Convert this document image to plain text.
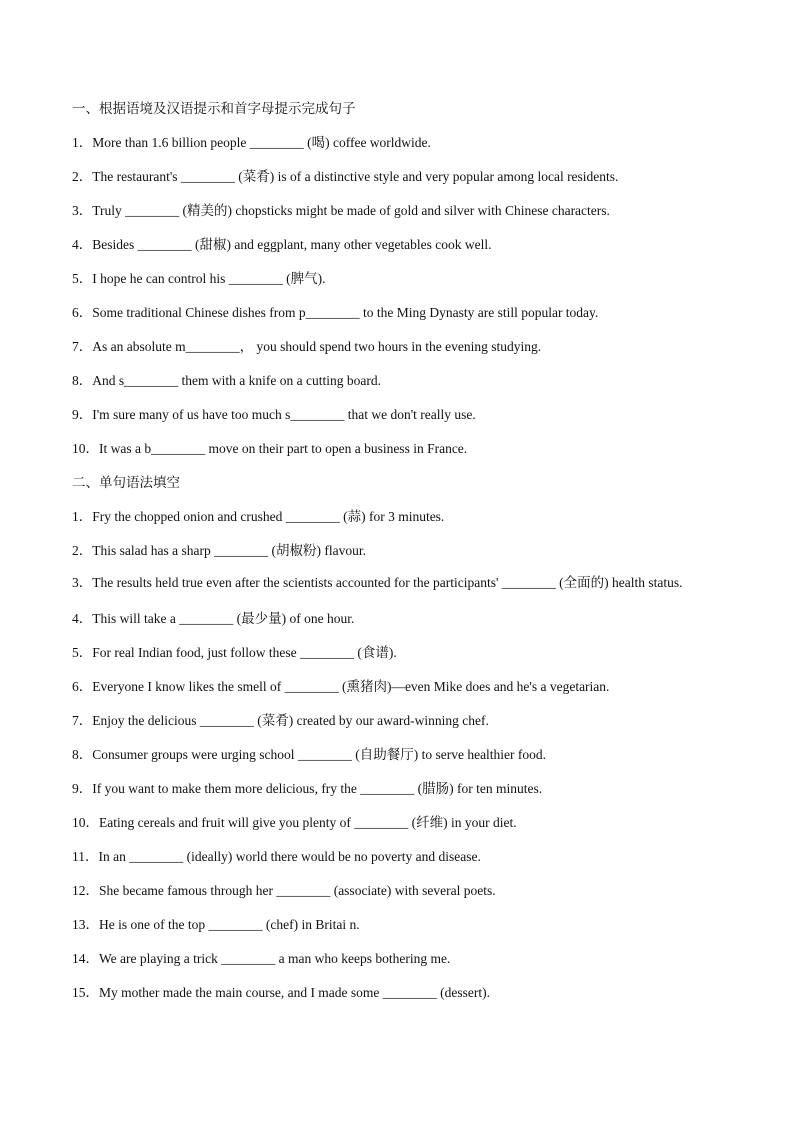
一、根据语境及汉语提示和首字母提示完成句子
1．More than 1.6 billion people ________ (喝) coffee worldwide.
2．The restaurant's ________ (菜肴) is of a distinctive style and very popular among local residents.
3．Truly ________ (精美的) chopsticks might be made of gold and silver with Chinese characters.
4．Besides ________ (甜椒) and eggplant, many other vegetables cook well.
5．I hope he can control his ________ (脾气).
6．Some traditional Chinese dishes from p________ to the Ming Dynasty are still popular today.
7．As an absolute m________， you should spend two hours in the evening studying.
8．And s________ them with a knife on a cutting board.
9．I'm sure many of us have too much s________ that we don't really use.
10．It was a b________ move on their part to open a business in France.
二、单句语法填空
1．Fry the chopped onion and crushed ________ (蒜) for 3 minutes.
2．This salad has a sharp ________ (胡椒粉) flavour.
3．The results held true even after the scientists accounted for the participants' ________ (全面的) health status.
4．This will take a ________ (最少量) of one hour.
5．For real Indian food, just follow these ________ (食谱).
6．Everyone I know likes the smell of ________ (熏猪肉)—even Mike does and he's a vegetarian.
7．Enjoy the delicious ________ (菜肴) created by our award-winning chef.
8．Consumer groups were urging school ________ (自助餐厅) to serve healthier food.
9．If you want to make them more delicious, fry the ________ (腊肠) for ten minutes.
10．Eating cereals and fruit will give you plenty of ________ (纤维) in your diet.
11．In an ________ (ideally) world there would be no poverty and disease.
12．She became famous through her ________ (associate) with several poets.
13．He is one of the top ________ (chef) in Britai n.
14．We are playing a trick ________ a man who keeps bothering me.
15．My mother made the main course, and I made some ________ (dessert).
